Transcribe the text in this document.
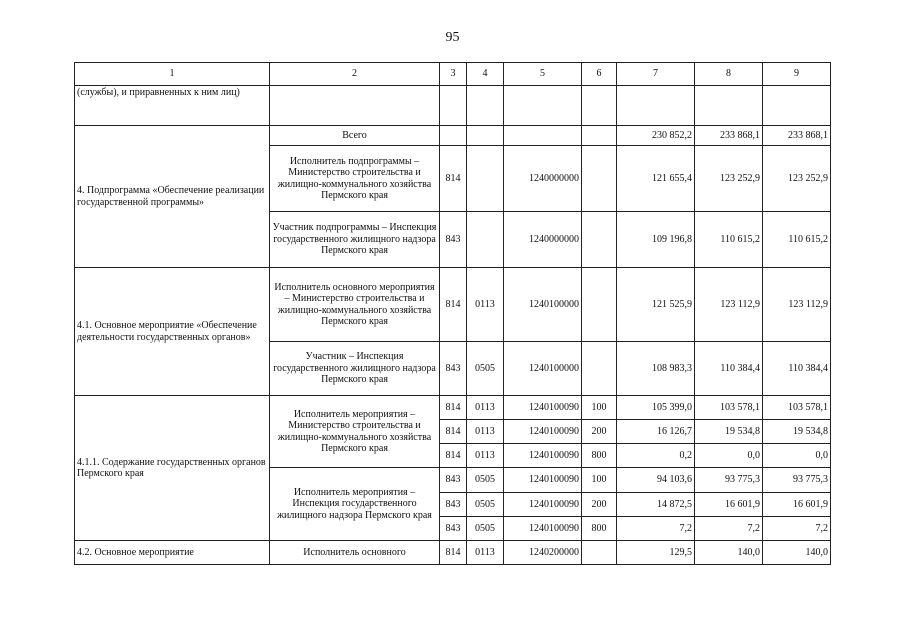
95
1	2	3	4	5	6	7	8	9
(службы), и приравненных к ним лиц)								
4. Подпрограмма «Обеспечение реализации государственной программы»	Всего					230 852,2	233 868,1	233 868,1
	Исполнитель подпрограммы – Министерство строительства и жилищно-коммунального хозяйства Пермского края	814		1240000000		121 655,4	123 252,9	123 252,9
	Участник подпрограммы – Инспекция государственного жилищного надзора Пермского края	843		1240000000		109 196,8	110 615,2	110 615,2
4.1. Основное мероприятие «Обеспечение деятельности государственных органов»	Исполнитель основного мероприятия – Министерство строительства и жилищно-коммунального хозяйства Пермского края	814	0113	1240100000		121 525,9	123 112,9	123 112,9
	Участник – Инспекция государственного жилищного надзора Пермского края	843	0505	1240100000		108 983,3	110 384,4	110 384,4
4.1.1. Содержание государственных органов Пермского края	Исполнитель мероприятия – Министерство строительства и жилищно-коммунального хозяйства Пермского края	814	0113	1240100090	100	105 399,0	103 578,1	103 578,1
		814	0113	1240100090	200	16 126,7	19 534,8	19 534,8
		814	0113	1240100090	800	0,2	0,0	0,0
	Исполнитель мероприятия – Инспекция государственного жилищного надзора Пермского края	843	0505	1240100090	100	94 103,6	93 775,3	93 775,3
		843	0505	1240100090	200	14 872,5	16 601,9	16 601,9
		843	0505	1240100090	800	7,2	7,2	7,2
4.2. Основное мероприятие	Исполнитель основного	814	0113	1240200000		129,5	140,0	140,0
